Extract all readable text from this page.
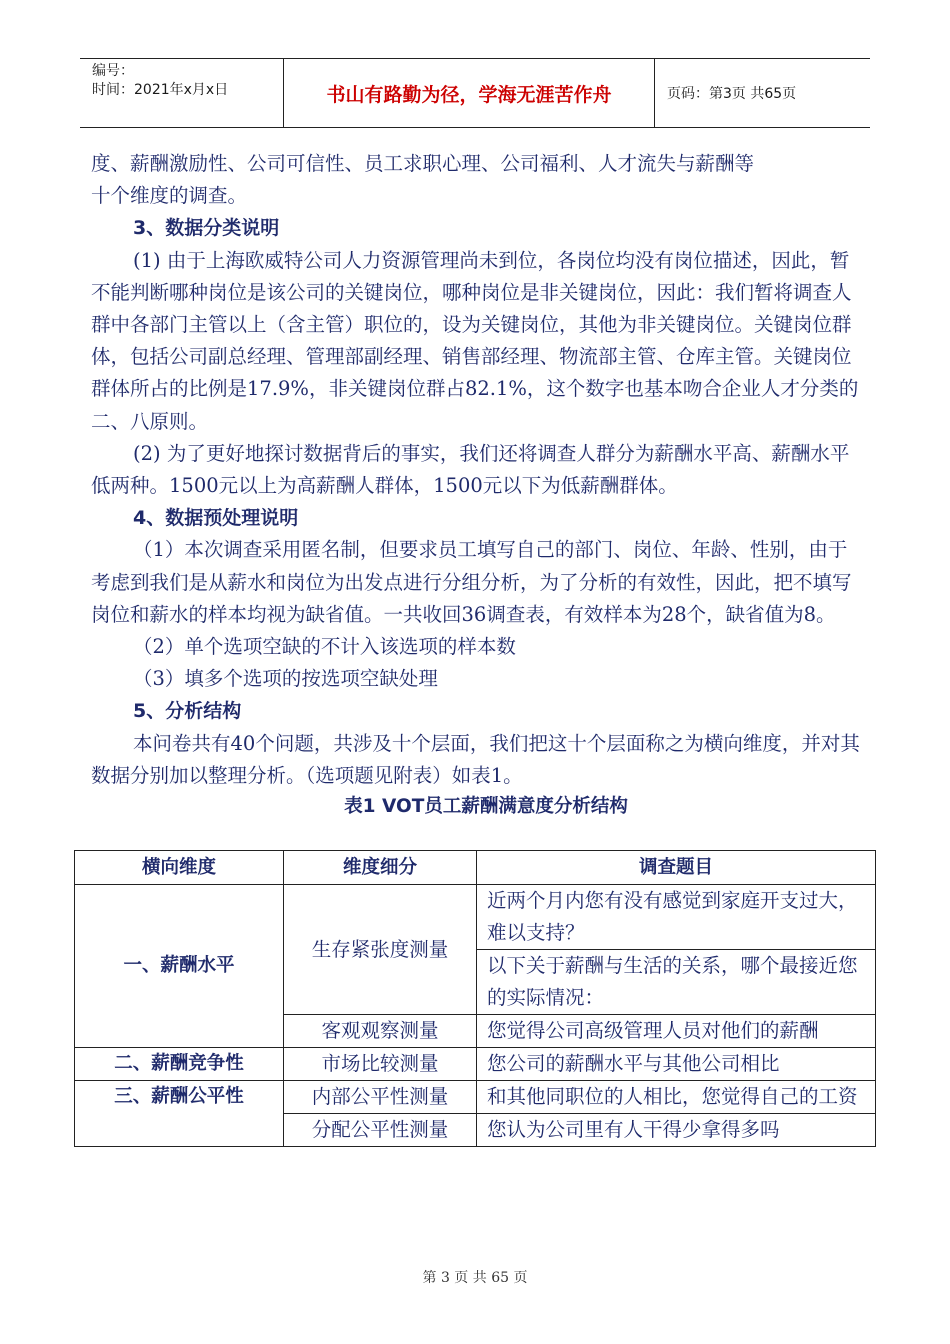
编号：
时间：2021年x月x日	书山有路勤为径，学海无涯苦作舟	页码：第3页 共65页

度、薪酬激励性、公司可信性、员工求职心理、公司福利、人才流失与薪酬等

十个维度的调查。

3、数据分类说明

(1) 由于上海欧威特公司人力资源管理尚未到位，各岗位均没有岗位描述，因此，暂不能判断哪种岗位是该公司的关键岗位，哪种岗位是非关键岗位，因此：我们暂将调查人群中各部门主管以上（含主管）职位的，设为关键岗位，其他为非关键岗位。关键岗位群体，包括公司副总经理、管理部副经理、销售部经理、物流部主管、仓库主管。关键岗位群体所占的比例是17.9%，非关键岗位群占82.1%，这个数字也基本吻合企业人才分类的二、八原则。

(2) 为了更好地探讨数据背后的事实，我们还将调查人群分为薪酬水平高、薪酬水平低两种。1500元以上为高薪酬人群体，1500元以下为低薪酬群体。

4、数据预处理说明

（1）本次调查采用匿名制，但要求员工填写自己的部门、岗位、年龄、性别，由于考虑到我们是从薪水和岗位为出发点进行分组分析，为了分析的有效性，因此，把不填写岗位和薪水的样本均视为缺省值。一共收回36调查表，有效样本为28个，缺省值为8。

（2）单个选项空缺的不计入该选项的样本数

（3）填多个选项的按选项空缺处理

5、分析结构

本问卷共有40个问题，共涉及十个层面，我们把这十个层面称之为横向维度，并对其数据分别加以整理分析。（选项题见附表）如表1。

表1 VOT员工薪酬满意度分析结构

横向维度	维度细分	调查题目
一、薪酬水平	生存紧张度测量	近两个月内您有没有感觉到家庭开支过大，难以支持？
		以下关于薪酬与生活的关系，哪个最接近您的实际情况：
	客观观察测量	您觉得公司高级管理人员对他们的薪酬
二、薪酬竞争性	市场比较测量	您公司的薪酬水平与其他公司相比
三、薪酬公平性	内部公平性测量	和其他同职位的人相比，您觉得自己的工资
	分配公平性测量	您认为公司里有人干得少拿得多吗
第 3 页 共 65 页
